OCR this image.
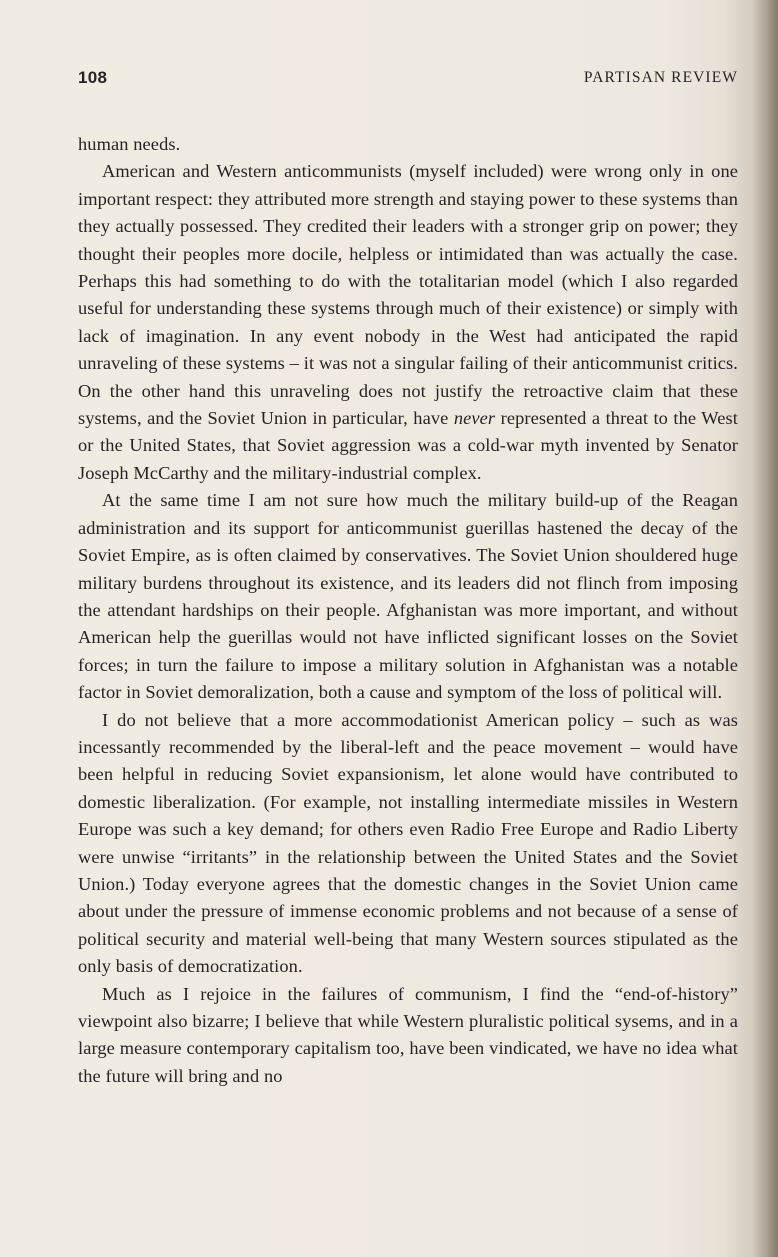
108	PARTISAN REVIEW

human needs.

American and Western anticommunists (myself included) were wrong only in one important respect: they attributed more strength and staying power to these systems than they actually possessed. They credited their leaders with a stronger grip on power; they thought their peoples more docile, helpless or intimidated than was actually the case. Perhaps this had something to do with the totalitarian model (which I also regarded useful for understanding these systems through much of their existence) or simply with lack of imagination. In any event nobody in the West had anticipated the rapid unraveling of these systems – it was not a singular failing of their anticommunist critics. On the other hand this unraveling does not justify the retroactive claim that these systems, and the Soviet Union in particular, have never represented a threat to the West or the United States, that Soviet aggression was a cold-war myth invented by Senator Joseph McCarthy and the military-industrial complex.

At the same time I am not sure how much the military build-up of the Reagan administration and its support for anticommunist guerillas hastened the decay of the Soviet Empire, as is often claimed by conservatives. The Soviet Union shouldered huge military burdens throughout its existence, and its leaders did not flinch from imposing the attendant hardships on their people. Afghanistan was more important, and without American help the guerillas would not have inflicted significant losses on the Soviet forces; in turn the failure to impose a military solution in Afghanistan was a notable factor in Soviet demoralization, both a cause and symptom of the loss of political will.

I do not believe that a more accommodationist American policy – such as was incessantly recommended by the liberal-left and the peace movement – would have been helpful in reducing Soviet expansionism, let alone would have contributed to domestic liberalization. (For example, not installing intermediate missiles in Western Europe was such a key demand; for others even Radio Free Europe and Radio Liberty were unwise “irritants” in the relationship between the United States and the Soviet Union.) Today everyone agrees that the domestic changes in the Soviet Union came about under the pressure of immense economic problems and not because of a sense of political security and material well-being that many Western sources stipulated as the only basis of democratization.

Much as I rejoice in the failures of communism, I find the “end-of-history” viewpoint also bizarre; I believe that while Western pluralistic political sysems, and in a large measure contemporary capitalism too, have been vindicated, we have no idea what the future will bring and no
